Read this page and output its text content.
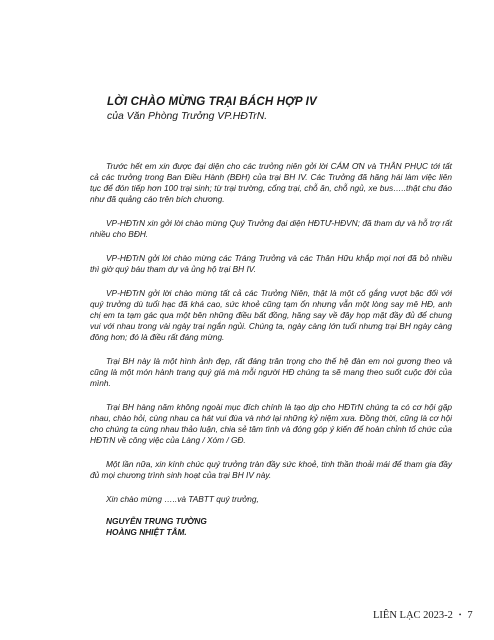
LỜI CHÀO MỪNG TRẠI BÁCH HỢP IV
của Văn Phòng Trưởng VP.HĐTrN.

Trước hết em xin được đại diện cho các trưởng niên gởi lời CÁM ƠN và THÂN PHỤC tới tất cả các trưởng trong Ban Điều Hành (BĐH) của trại BH IV. Các Trưởng đã hăng hái làm việc liên tục để đón tiếp hơn 100 trại sinh; từ trại trường, cổng trại, chỗ ăn, chỗ ngủ, xe bus…..thật chu đáo như đã quảng cáo trên bích chương.

VP-HĐTrN xin gởi lời chào mừng Quý Trưởng đại diện HĐTƯ-HĐVN; đã tham dự và hỗ trợ rất nhiều cho BĐH.

VP-HĐTrN gởi lời chào mừng các Tráng Trưởng và các Thân Hữu khắp mọi nơi đã bỏ nhiều thì giờ quý báu tham dự và ủng hộ trại BH IV.

VP-HĐTrN gởi lời chào mừng tất cả các Trưởng Niên, thật là một cố gắng vượt bậc đối với quý trưởng dù tuổi hạc đã khá cao, sức khoẻ cũng tạm ổn nhưng vẫn một lòng say mê HĐ, anh chị em ta tạm gác qua một bên những điều bất đồng, hăng say về đây họp mặt đầy đủ để chung vui với nhau trong vài ngày trại ngắn ngủi. Chúng ta, ngày càng lớn tuổi nhưng trại BH ngày càng đông hơn; đó là điều rất đáng mừng.

Trại BH này là một hình ảnh đẹp, rất đáng trân trọng cho thế hệ đàn em noi gương theo và cũng là một món hành trang quý giá mà mỗi người HĐ chúng ta sẽ mang theo suốt cuộc đời của mình.

Trại BH hàng năm không ngoài mục đích chính là tạo dịp cho HĐTrN chúng ta có cơ hội gặp nhau, chào hỏi, cùng nhau ca hát vui đùa và nhớ lại những kỷ niệm xưa. Đồng thời, cũng là cơ hội cho chúng ta cùng nhau thảo luận, chia sẻ tâm tình và đóng góp ý kiến để hoàn chỉnh tổ chức của HĐTrN về công việc của Làng / Xóm / GĐ.

Một lần nữa, xin kính chúc quý trưởng tràn đầy sức khoẻ, tinh thần thoải mái để tham gia đầy đủ mọi chương trình sinh hoạt của trại BH IV này.

Xin chào mừng …..và TABTT quý trưởng,
NGUYỄN TRUNG TƯỜNG
HOÀNG NHIỆT TÂM.
LIÊN LẠC 2023-2 • 7
